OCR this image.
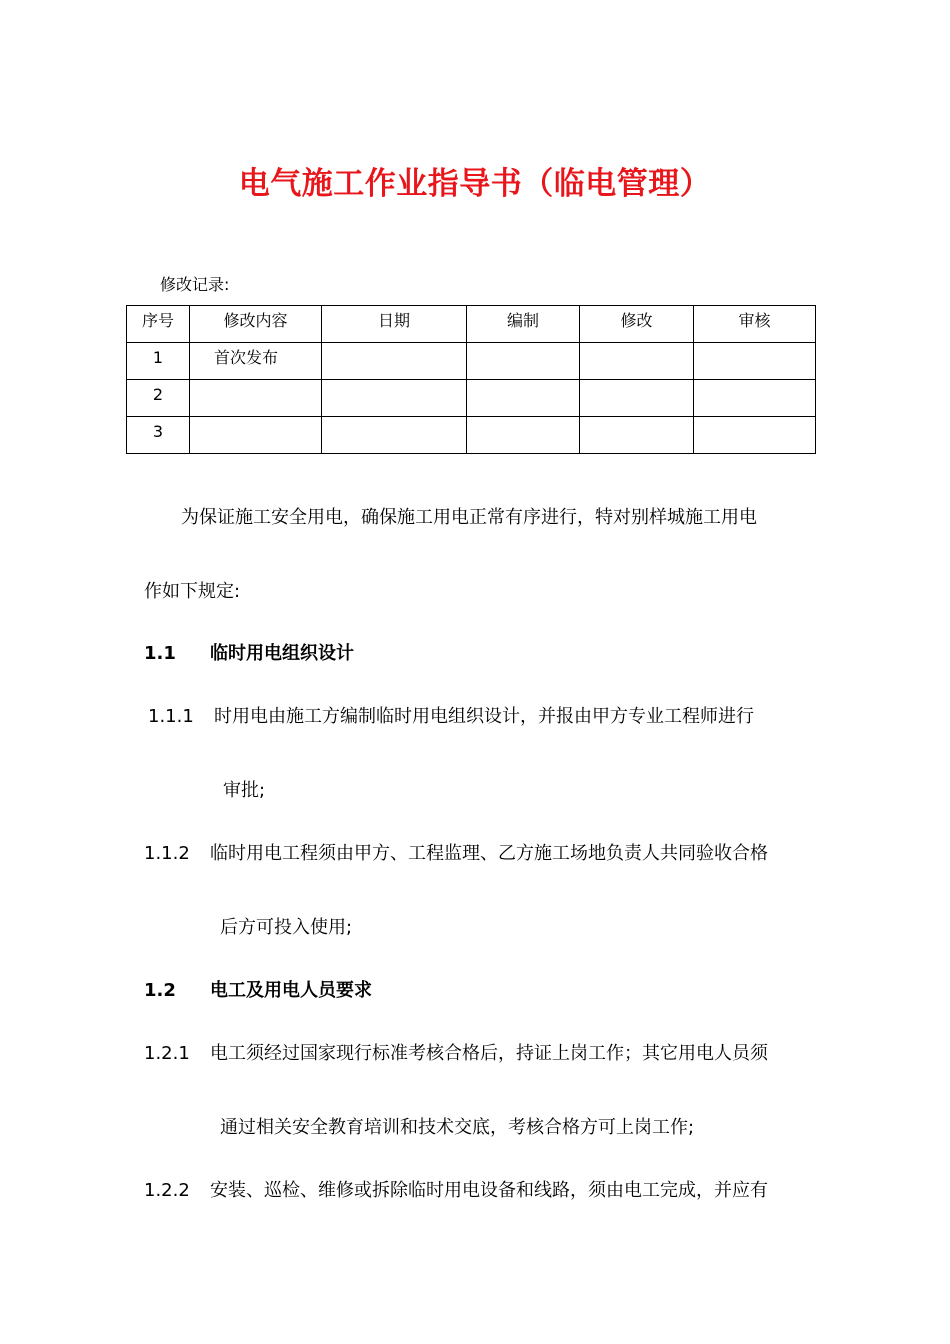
电气施工作业指导书（临电管理）
修改记录:
序号	修改内容	日期	编制	修改	审核
1	首次发布				
2					
3					
为保证施工安全用电，确保施工用电正常有序进行，特对别样城施工用电
作如下规定:
1.1 临时用电组织设计
1.1.1 时用电由施工方编制临时用电组织设计，并报由甲方专业工程师进行
审批;
1.1.2 临时用电工程须由甲方、工程监理、乙方施工场地负责人共同验收合格
后方可投入使用;
1.2 电工及用电人员要求
1.2.1 电工须经过国家现行标准考核合格后，持证上岗工作；其它用电人员须
通过相关安全教育培训和技术交底，考核合格方可上岗工作;
1.2.2 安装、巡检、维修或拆除临时用电设备和线路，须由电工完成，并应有
